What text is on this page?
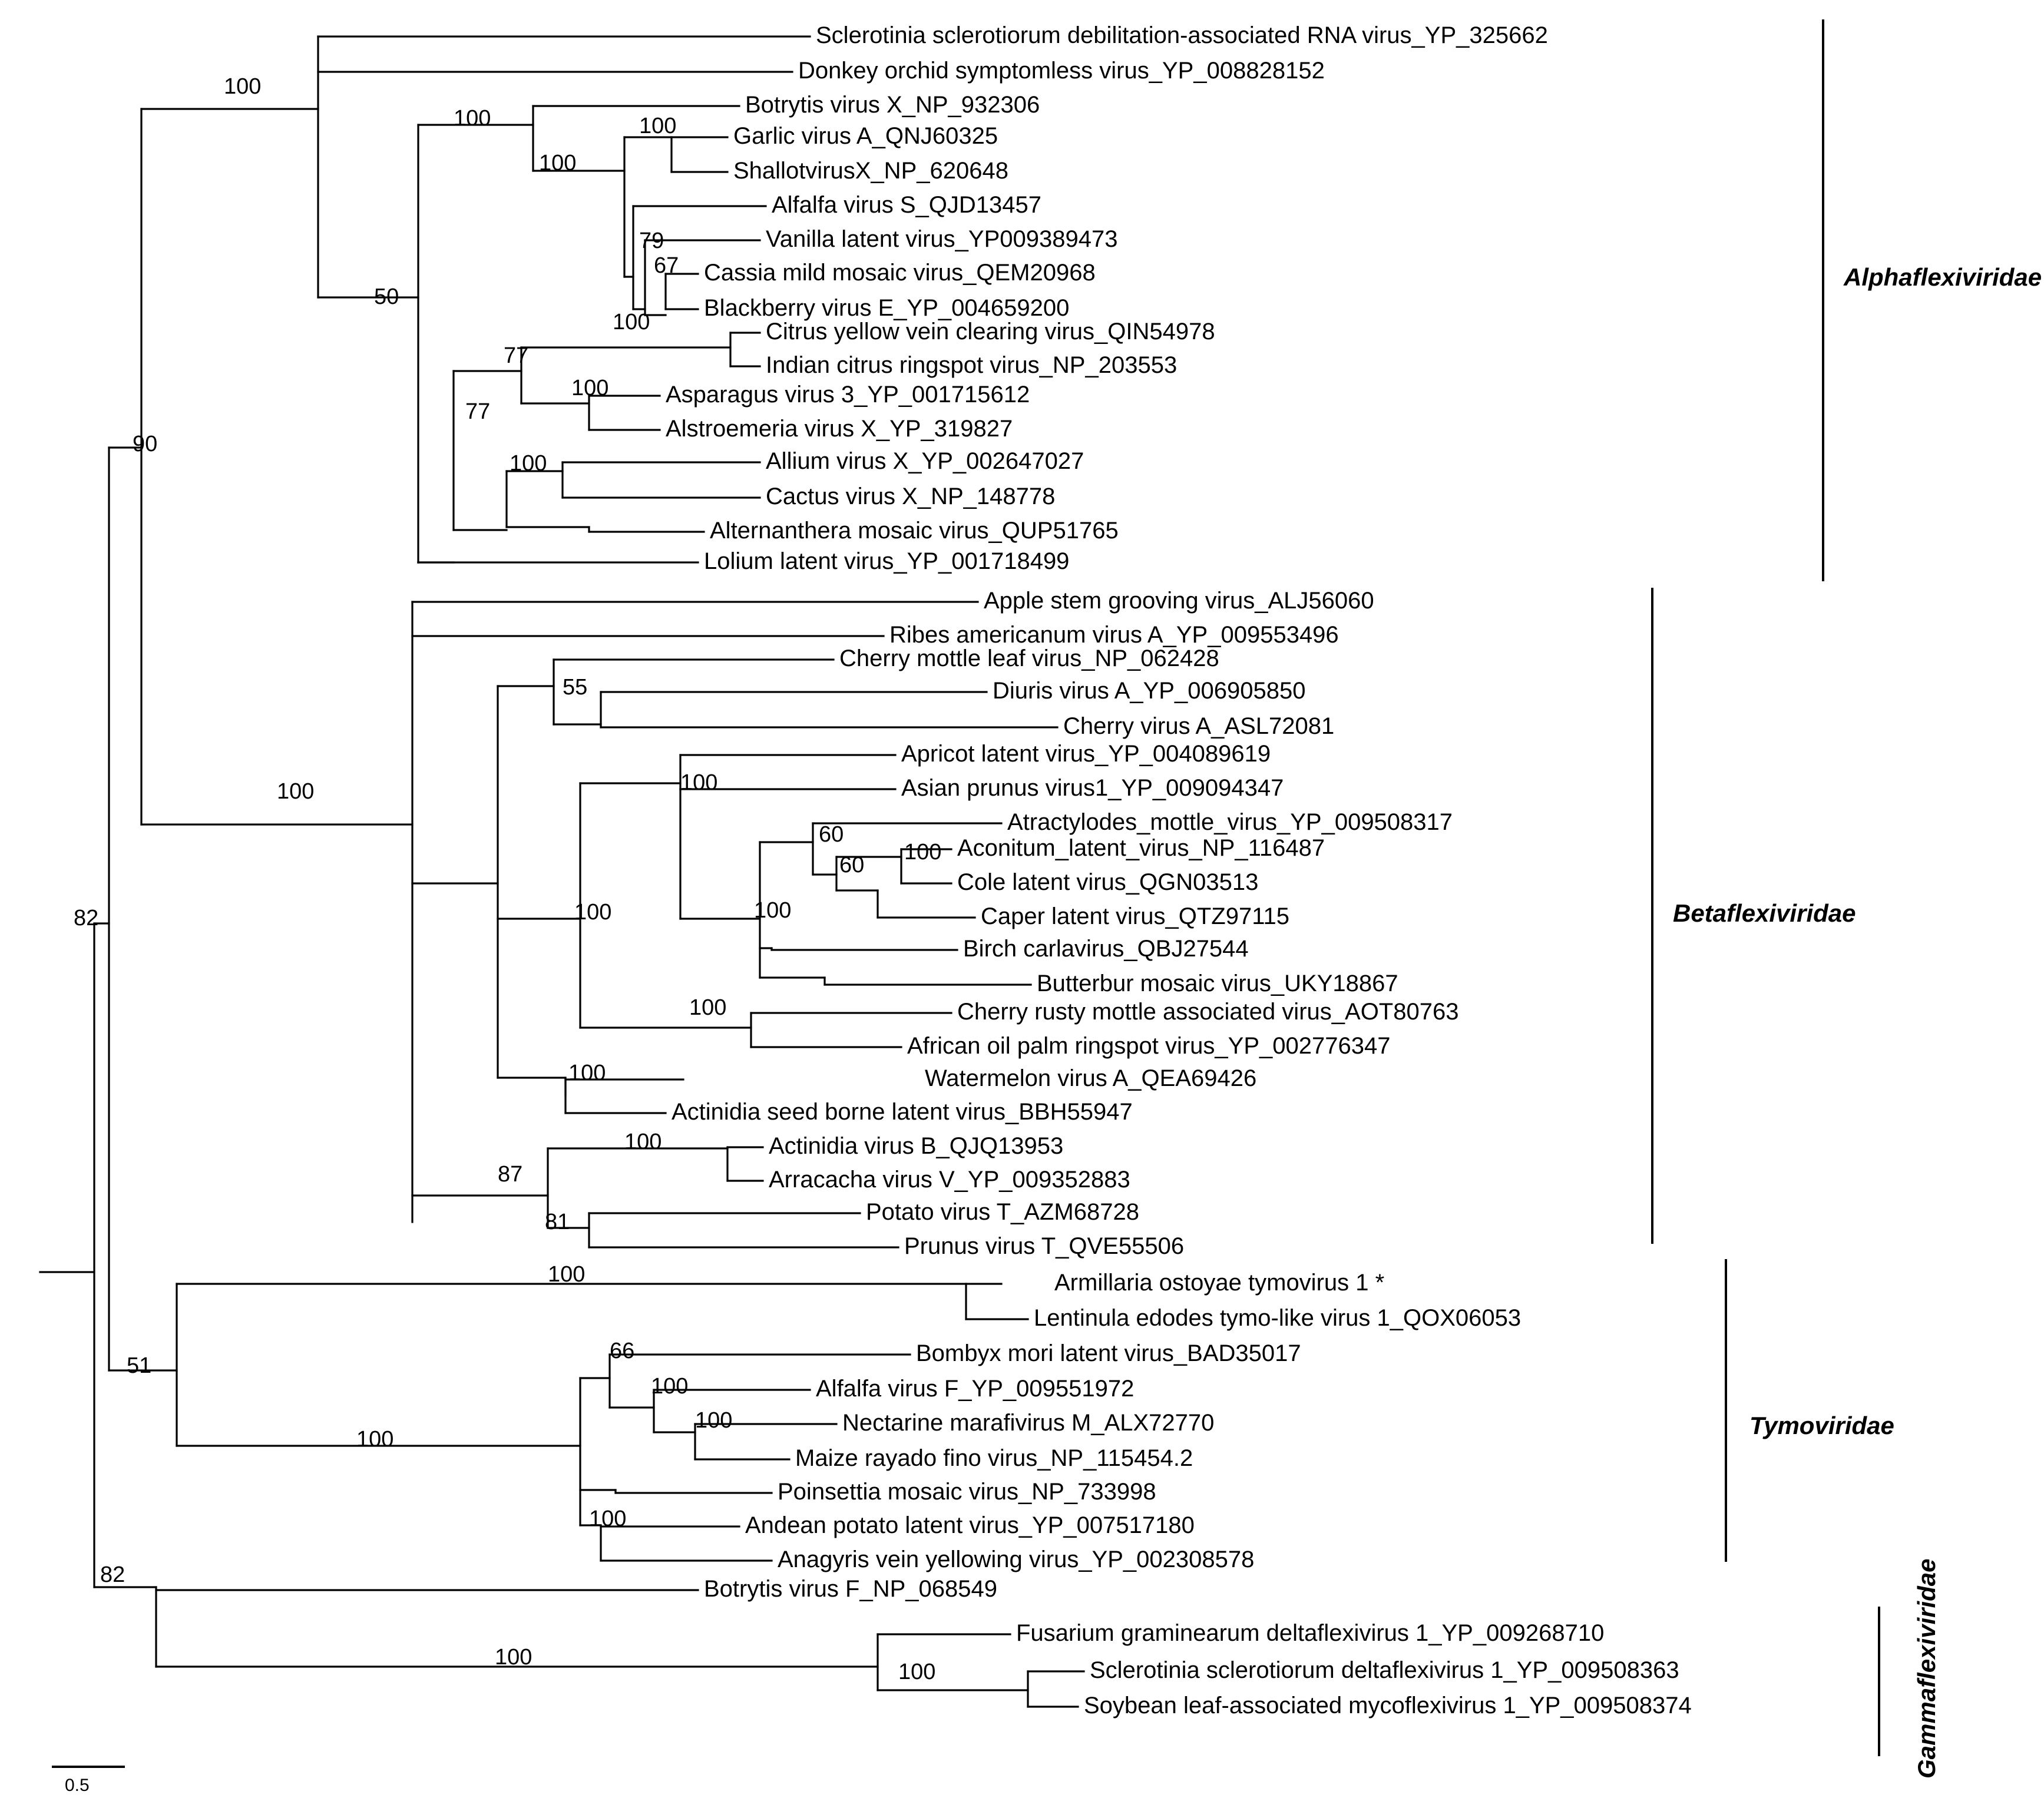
Sclerotinia sclerotiorum debilitation-associated RNA virus_YP_325662
Donkey orchid symptomless virus_YP_008828152
Botrytis virus X_NP_932306
Garlic virus A_QNJ60325
ShallotvirusX_NP_620648
Alfalfa virus S_QJD13457
Vanilla latent virus_YP009389473
Cassia mild mosaic virus_QEM20968
Blackberry virus E_YP_004659200
Citrus yellow vein clearing virus_QIN54978
Indian citrus ringspot virus_NP_203553
Asparagus virus 3_YP_001715612
Alstroemeria virus X_YP_319827
Allium virus X_YP_002647027
Cactus virus X_NP_148778
Alternanthera mosaic virus_QUP51765
Lolium latent virus_YP_001718499
Apple stem grooving virus_ALJ56060
Ribes americanum virus A_YP_009553496
Cherry mottle leaf virus_NP_062428
Diuris virus A_YP_006905850
Cherry virus A_ASL72081
Apricot latent virus_YP_004089619
Asian prunus virus1_YP_009094347
Atractylodes_mottle_virus_YP_009508317
Aconitum_latent_virus_NP_116487
Cole latent virus_QGN03513
Caper latent virus_QTZ97115
Birch carlavirus_QBJ27544
Butterbur mosaic virus_UKY18867
Cherry rusty mottle associated virus_AOT80763
African oil palm ringspot virus_YP_002776347
Watermelon virus A_QEA69426
Actinidia seed borne latent virus_BBH55947
Actinidia virus B_QJQ13953
Arracacha virus V_YP_009352883
Potato virus T_AZM68728
Prunus virus T_QVE55506
Armillaria ostoyae tymovirus 1 *
Lentinula edodes tymo-like virus 1_QOX06053
Bombyx mori latent virus_BAD35017
Alfalfa virus F_YP_009551972
Nectarine marafivirus M_ALX72770
Maize rayado fino virus_NP_115454.2
Poinsettia mosaic virus_NP_733998
Andean potato latent virus_YP_007517180
Anagyris vein yellowing virus_YP_002308578
Botrytis virus F_NP_068549
Fusarium graminearum deltaflexivirus 1_YP_009268710
Sclerotinia sclerotiorum deltaflexivirus 1_YP_009508363
Soybean leaf-associated mycoflexivirus 1_YP_009508374
100
100	100
100
79
67
50
100
77
100
77
100
90
100
55
100
60
60
100
100
100
100
100
100
87
81
82
100
51
66
100
100
100
100
82
100
100
Alphaflexiviridae
Betaflexiviridae
Tymoviridae
Gammaflexiviridae
0.5
